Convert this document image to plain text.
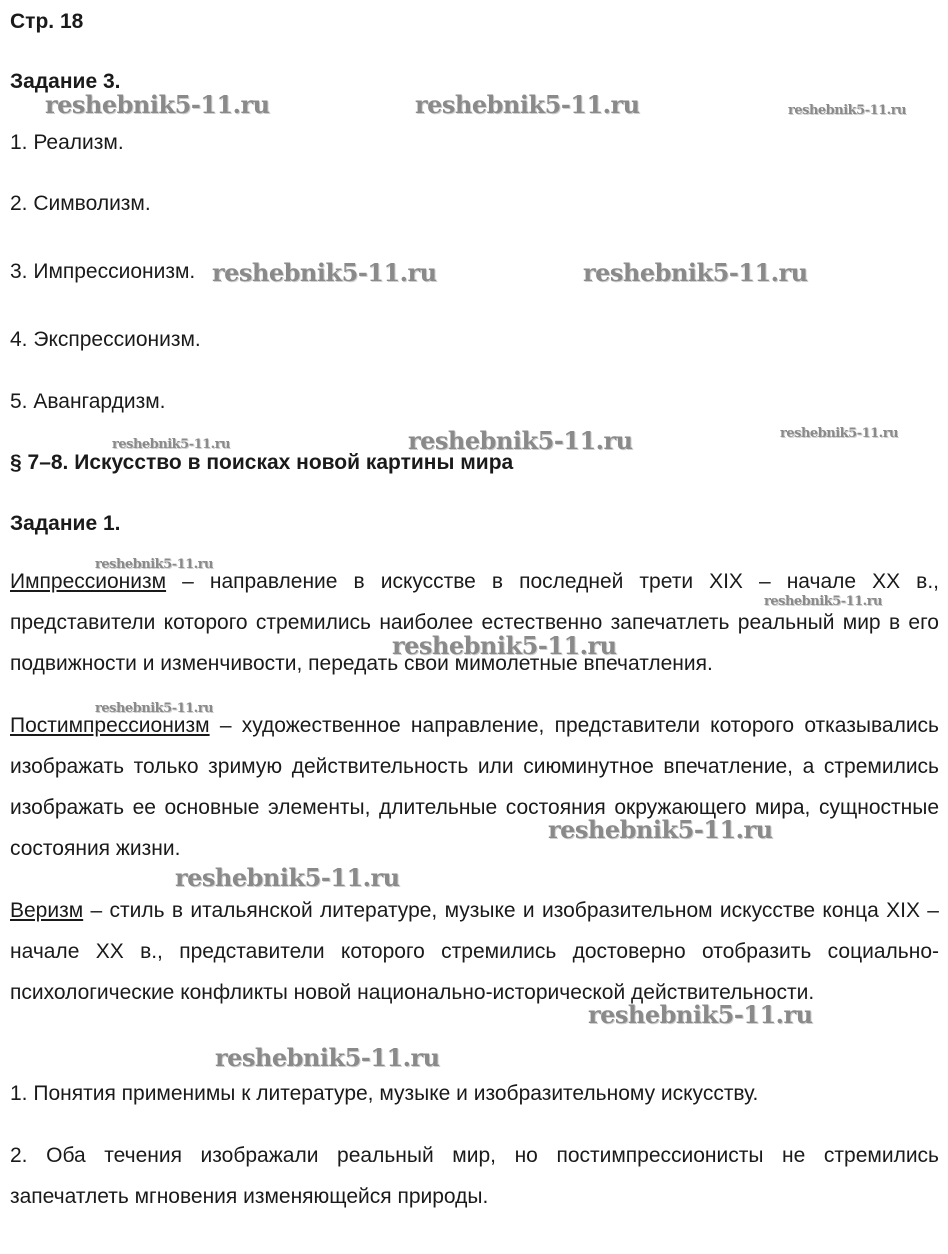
Стр. 18
Задание 3.
1. Реализм.
2. Символизм.
3. Импрессионизм.
4. Экспрессионизм.
5. Авангардизм.
§ 7–8. Искусство в поисках новой картины мира
Задание 1.
Импрессионизм – направление в искусстве в последней трети XIX – начале XX в., представители которого стремились наиболее естественно запечатлеть реальный мир в его подвижности и изменчивости, передать свои мимолетные впечатления.
Постимпрессионизм – художественное направление, представители которого отказывались изображать только зримую действительность или сиюминутное впечатление, а стремились изображать ее основные элементы, длительные состояния окружающего мира, сущностные состояния жизни.
Веризм – стиль в итальянской литературе, музыке и изобразительном искусстве конца XIX – начале XX в., представители которого стремились достоверно отобразить социально-психологические конфликты новой национально-исторической действительности.
1. Понятия применимы к литературе, музыке и изобразительному искусству.
2. Оба течения изображали реальный мир, но постимпрессионисты не стремились запечатлеть мгновения изменяющейся природы.
reshebnik5-11.ru	reshebnik5-11.ru	reshebnik5-11.ru
reshebnik5-11.ru	reshebnik5-11.ru
reshebnik5-11.ru	reshebnik5-11.ru	reshebnik5-11.ru
reshebnik5-11.ru
reshebnik5-11.ru
reshebnik5-11.ru
reshebnik5-11.ru
reshebnik5-11.ru
reshebnik5-11.ru
reshebnik5-11.ru
reshebnik5-11.ru
